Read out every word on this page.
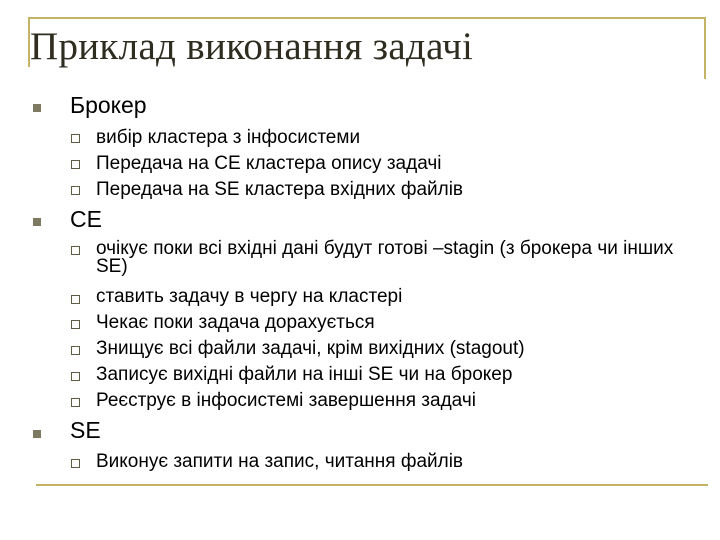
Приклад виконання задачі
Брокер
вибір кластера з інфосистеми
Передача на CE кластера опису задачі
Передача на SE кластера вхідних файлів
CE
очікує поки всі вхідні дані будут готові –stagin (з брокера чи інших SE)
ставить задачу в чергу на кластері
Чекає поки задача дорахується
Знищує всі файли задачі, крім вихідних (stagout)
Записує вихідні файли на інші SE чи на брокер
Реєструє в інфосистемі завершення задачі
SE
Виконує запити на запис, читання файлів
